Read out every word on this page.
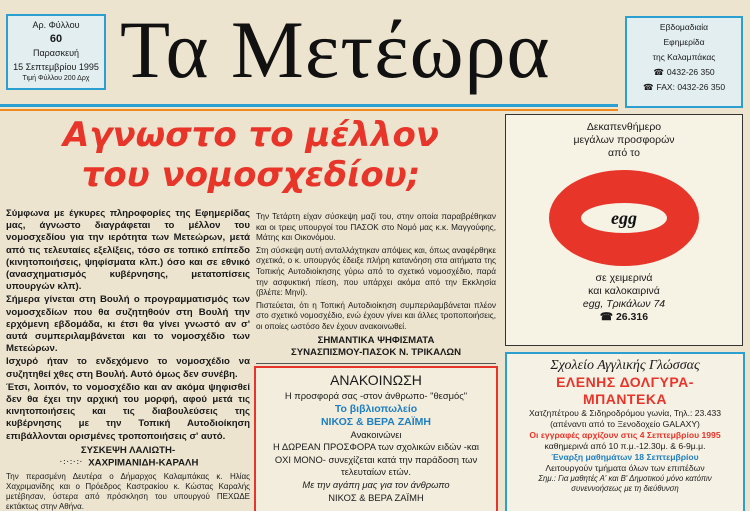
Αρ. Φύλλου
60
Παρασκευή
15 Σεπτεμβρίου 1995
Τιμή Φύλλου 200 Δρχ Τα Μετέωρα	Εβδομαδιαία
Εφημερίδα
της Καλαμπάκας
☎ 0432-26 350
☎ FAX: 0432-26 350
Αγνωστο το μέλλον
του νομοσχεδίου;

Σύμφωνα με έγκυρες πληροφορίες της Εφημερίδας μας, άγνωστο διαγράφεται το μέλλον του νομοσχεδίου για την ιερότητα των Μετεώρων, μετά από τις τελευταίες εξελίξεις, τόσο σε τοπικό επίπεδο (κινητοποιήσεις, ψηφίσματα κλπ.) όσο και σε εθνικό (ανασχηματισμός κυβέρνησης, μετατοπίσεις υπουργών κλπ).

Σήμερα γίνεται στη Βουλή ο προγραμματισμός των νομοσχεδίων που θα συζητηθούν στη Βουλή την ερχόμενη εβδομάδα, κι έτσι θα γίνει γνωστό αν σ' αυτά συμπεριλαμβάνεται και το νομοσχέδιο των Μετεώρων.

Ισχυρό ήταν το ενδεχόμενο το νομοσχέδιο να συζητηθεί χθες στη Βουλή. Αυτό όμως δεν συνέβη.

Έτσι, λοιπόν, το νομοσχέδιο και αν ακόμα ψηφισθεί δεν θα έχει την αρχική του μορφή, αφού μετά τις κινητοποιήσεις και τις διαβουλεύσεις της κυβέρνησης με την Τοπική Αυτοδιοίκηση επιβάλλονται ορισμένες τροποποιήσεις σ' αυτό.

ΣΥΣΚΕΨΗ ΛΑΛΙΩΤΗ-
·:·:·:· ΧΑΧΡΙΜΑΝΙΔΗ-ΚΑΡΑΛΗ

Την περασμένη Δευτέρα ο Δήμαρχος Καλαμπάκας κ. Ηλίας Χαχριμανίδης και ο Πρόεδρος Καστρακίου κ. Κώστας Καραλής μετέβησαν, ύστερα από πρόσκληση του υπουργού ΠΕΧΩΔΕ εκτάκτως στην Αθήνα.

Την Τετάρτη είχαν σύσκεψη μαζί του, στην οποία παραβρέθηκαν και οι τρεις υπουργοί του ΠΑΣΟΚ στο Νομό μας κ.κ. Μαγγούφης, Μάτης και Οικονόμου.

Στη σύσκεψη αυτή ανταλλάχτηκαν απόψεις και, όπως αναφέρθηκε σχετικά, ο κ. υπουργός έδειξε πλήρη κατανόηση στα αιτήματα της Τοπικής Αυτοδιοίκησης γύρω από το σχετικό νομοσχέδιο, παρά την ασφυκτική πίεση, που υπάρχει ακόμα από την Εκκλησία (βλέπε: Μηνί).

Πιστεύεται, ότι η Τοπική Αυτοδιοίκηση συμπεριλαμβάνεται πλέον στο σχετικό νομοσχέδιο, ενώ έχουν γίνει και άλλες τροποποιήσεις, οι οποίες ωστόσο δεν έχουν ανακοινωθεί.

ΣΗΜΑΝΤΙΚΑ ΨΗΦΙΣΜΑΤΑ
ΣΥΝΑΣΠΙΣΜΟΥ-ΠΑΣΟΚ Ν. ΤΡΙΚΑΛΩΝ
ΑΝΑΚΟΙΝΩΣΗ
Η προσφορά σας -στον άνθρωπο- "θεσμός"
Το βιβλιοπωλείο
ΝΙΚΟΣ & ΒΕΡΑ ΖΑΪΜΗ
Ανακοινώνει
Η ΔΩΡΕΑΝ ΠΡΟΣΦΟΡΑ των σχολικών ειδών -και
ΟΧΙ ΜΟΝΟ- συνεχίζεται κατά την παράδοση των
τελευταίων ετών.
Με την αγάπη μας για τον άνθρωπο
ΝΙΚΟΣ & ΒΕΡΑ ΖΑΪΜΗ
Δεκαπενθήμερο
μεγάλων προσφορών
από το
egg
σε χειμερινά
και καλοκαιρινά
egg, Τρικάλων 74
☎ 26.316
Σχολείο Αγγλικής Γλώσσας
ΕΛΕΝΗΣ ΔΟΛΓΥΡΑ-
ΜΠΑΝΤΕΚΑ
Χατζηπέτρου & Σιδηροδρόμου γωνία, Τηλ.: 23.433
(απέναντι από το Ξενοδοχείο GALAXY)
Οι εγγραφές αρχίζουν στις 4 Σεπτεμβρίου 1995
καθημερινά από 10 π.μ.-12.30μ. & 6-9μ.μ.
Έναρξη μαθημάτων 18 Σεπτεμβρίου
Λειτουργούν τμήματα όλων των επιπέδων
Σημ.: Για μαθητές Α' και Β' Δημοτικού μόνο κατόπιν
συνεννοήσεως με τη διεύθυνση
